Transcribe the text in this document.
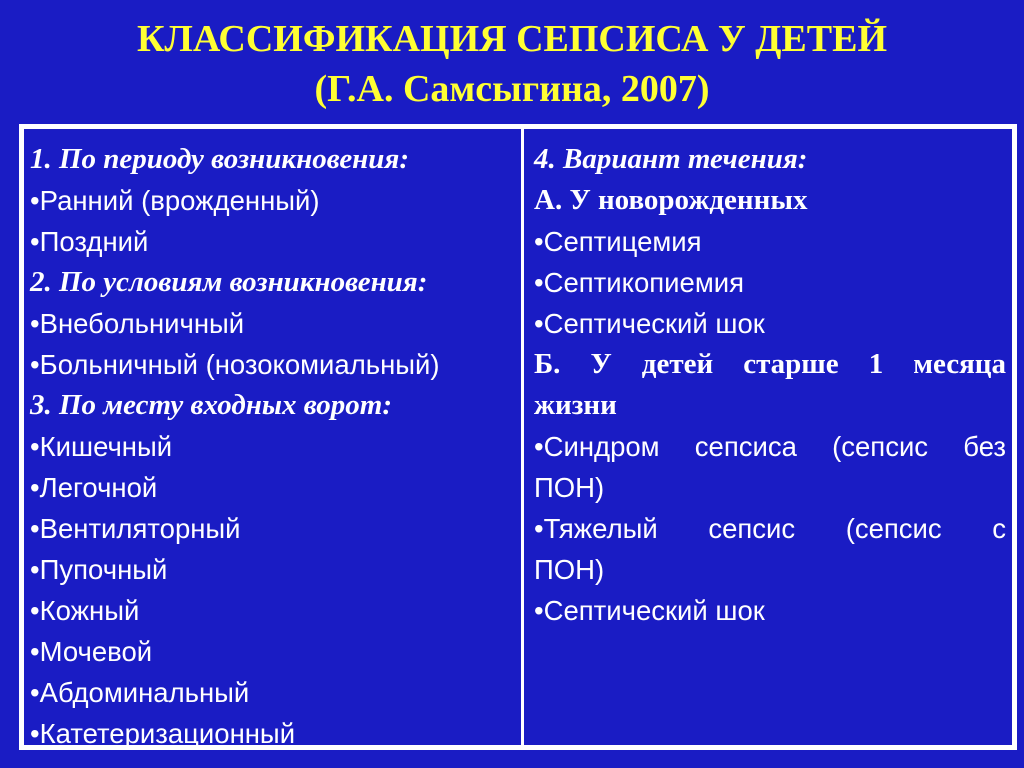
КЛАССИФИКАЦИЯ СЕПСИСА У ДЕТЕЙ
(Г.А. Самсыгина, 2007)
1. По периоду возникновения:
• Ранний (врожденный)
• Поздний
2. По условиям возникновения:
• Внебольничный
• Больничный (нозокомиальный)
3. По месту входных ворот:
• Кишечный
• Легочной
• Вентиляторный
• Пупочный
• Кожный
• Мочевой
• Абдоминальный
• Катетеризационный
4. Вариант течения:
А. У новорожденных
• Септицемия
• Септикопиемия
• Септический шок
Б. У детей старше 1 месяца
жизни
• Синдром сепсиса (сепсис без
ПОН)
• Тяжелый сепсис (сепсис с
ПОН)
• Септический шок
